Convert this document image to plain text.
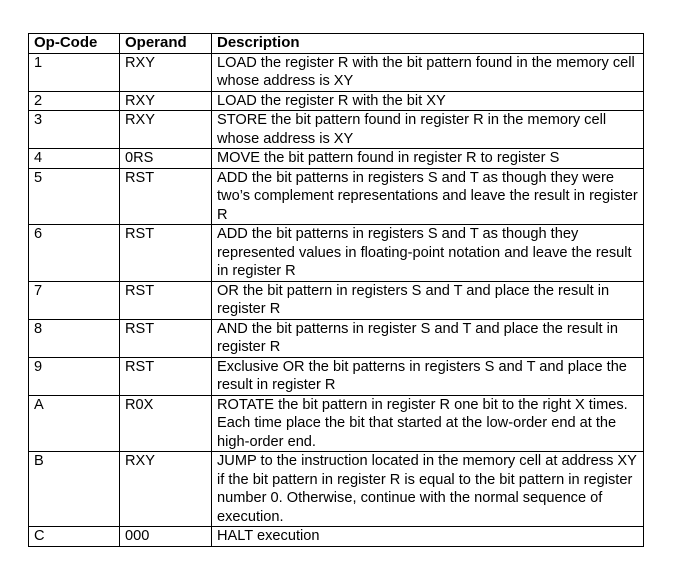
Op-Code	Operand	Description
1	RXY	LOAD the register R with the bit pattern found in the memory cell whose address is XY
2	RXY	LOAD the register R with the bit XY
3	RXY	STORE the bit pattern found in register R in the memory cell whose address is XY
4	0RS	MOVE the bit pattern found in register R to register S
5	RST	ADD the bit patterns in registers S and T as though they were two’s complement representations and leave the result in register R
6	RST	ADD the bit patterns in registers S and T as though they represented values in floating-point notation and leave the result in register R
7	RST	OR the bit pattern in registers S and T and place the result in register R
8	RST	AND the bit patterns in register S and T and place the result in register R
9	RST	Exclusive OR the bit patterns in registers S and T and place the result in register R
A	R0X	ROTATE the bit pattern in register R one bit to the right X times. Each time place the bit that started at the low-order end at the high-order end.
B	RXY	JUMP to the instruction located in the memory cell at address XY if the bit pattern in register R is equal to the bit pattern in register number 0. Otherwise, continue with the normal sequence of execution.
C	000	HALT execution
